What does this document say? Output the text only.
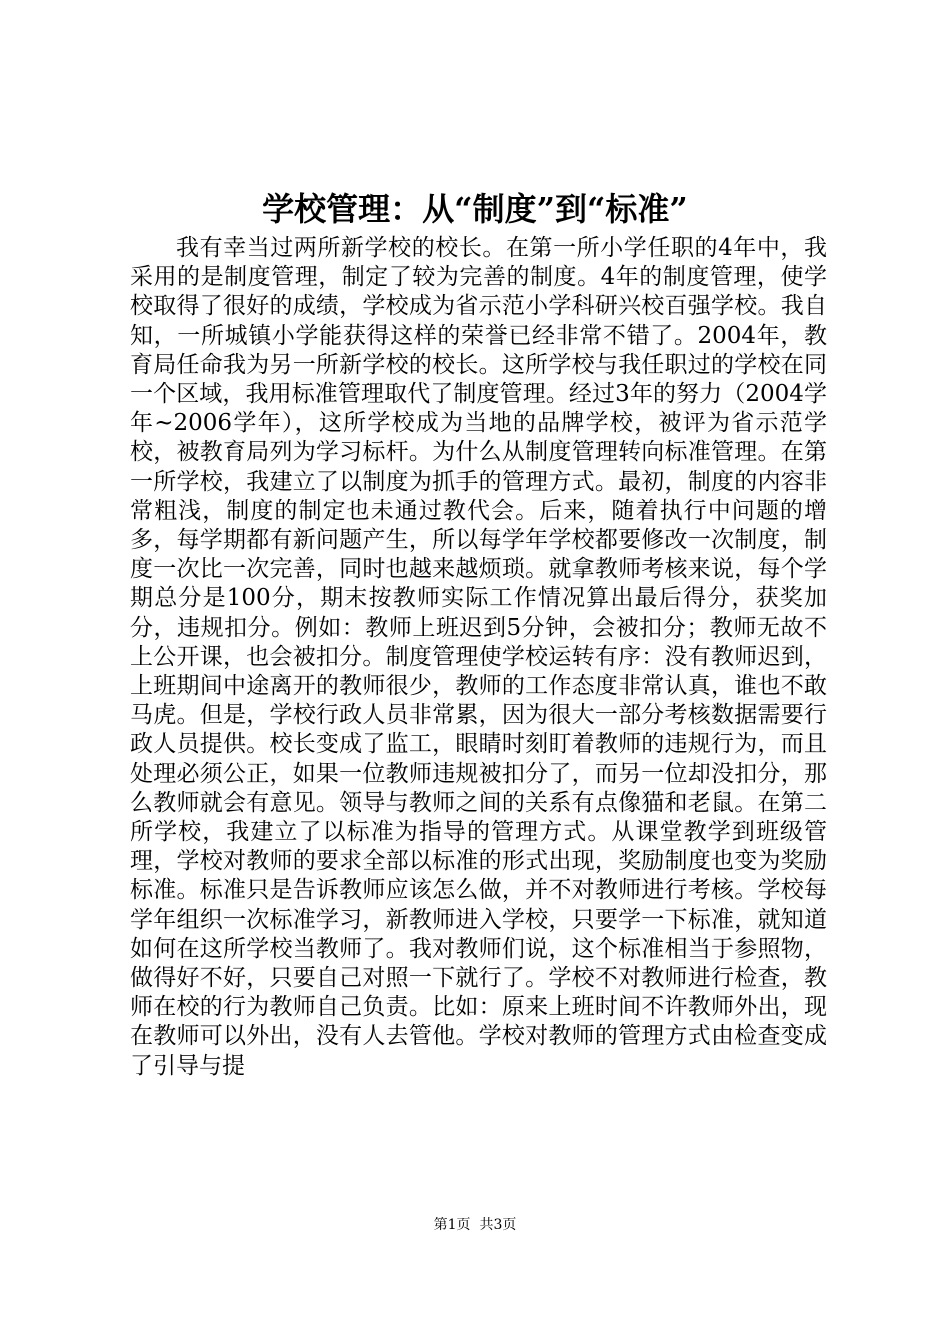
学校管理：从“制度”到“标准”

我有幸当过两所新学校的校长。在第一所小学任职的4年中，我采用的是制度管理，制定了较为完善的制度。4年的制度管理，使学校取得了很好的成绩，学校成为省示范小学科研兴校百强学校。我自知，一所城镇小学能获得这样的荣誉已经非常不错了。2004年，教育局任命我为另一所新学校的校长。这所学校与我任职过的学校在同一个区域，我用标准管理取代了制度管理。经过3年的努力（2004学年~2006学年），这所学校成为当地的品牌学校，被评为省示范学校，被教育局列为学习标杆。为什么从制度管理转向标准管理。在第一所学校，我建立了以制度为抓手的管理方式。最初，制度的内容非常粗浅，制度的制定也未通过教代会。后来，随着执行中问题的增多，每学期都有新问题产生，所以每学年学校都要修改一次制度，制度一次比一次完善，同时也越来越烦琐。就拿教师考核来说，每个学期总分是100分，期末按教师实际工作情况算出最后得分，获奖加分，违规扣分。例如：教师上班迟到5分钟，会被扣分；教师无故不上公开课，也会被扣分。制度管理使学校运转有序：没有教师迟到，上班期间中途离开的教师很少，教师的工作态度非常认真，谁也不敢马虎。但是，学校行政人员非常累，因为很大一部分考核数据需要行政人员提供。校长变成了监工，眼睛时刻盯着教师的违规行为，而且处理必须公正，如果一位教师违规被扣分了，而另一位却没扣分，那么教师就会有意见。领导与教师之间的关系有点像猫和老鼠。在第二所学校，我建立了以标准为指导的管理方式。从课堂教学到班级管理，学校对教师的要求全部以标准的形式出现，奖励制度也变为奖励标准。标准只是告诉教师应该怎么做，并不对教师进行考核。学校每学年组织一次标准学习，新教师进入学校，只要学一下标准，就知道如何在这所学校当教师了。我对教师们说，这个标准相当于参照物，做得好不好，只要自己对照一下就行了。学校不对教师进行检查，教师在校的行为教师自己负责。比如：原来上班时间不许教师外出，现在教师可以外出，没有人去管他。学校对教师的管理方式由检查变成了引导与提

第1页 共3页
